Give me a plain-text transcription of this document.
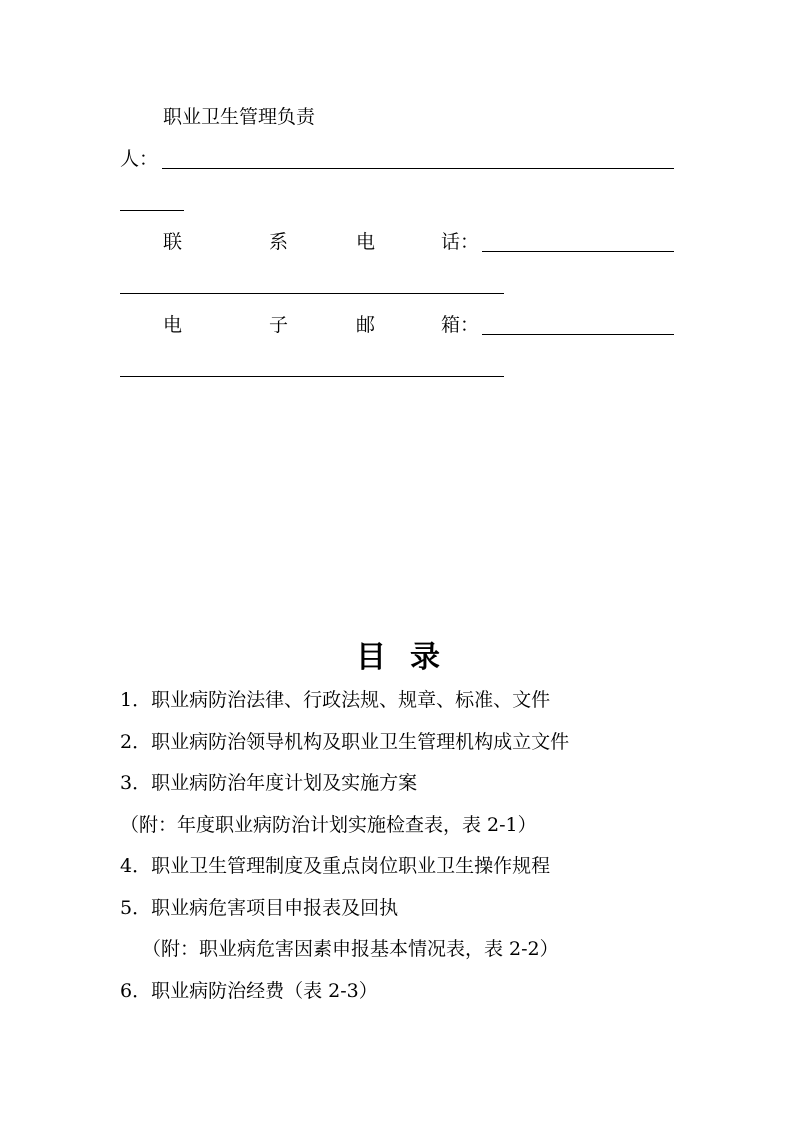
职业卫生管理负责
人：
联	系	电	话：
电	子	邮	箱：
目 录
1．职业病防治法律、行政法规、规章、标准、文件
2．职业病防治领导机构及职业卫生管理机构成立文件
3．职业病防治年度计划及实施方案
（附：年度职业病防治计划实施检查表，表 2-1）
4．职业卫生管理制度及重点岗位职业卫生操作规程
5．职业病危害项目申报表及回执
（附：职业病危害因素申报基本情况表，表 2-2）
6．职业病防治经费（表 2-3）
